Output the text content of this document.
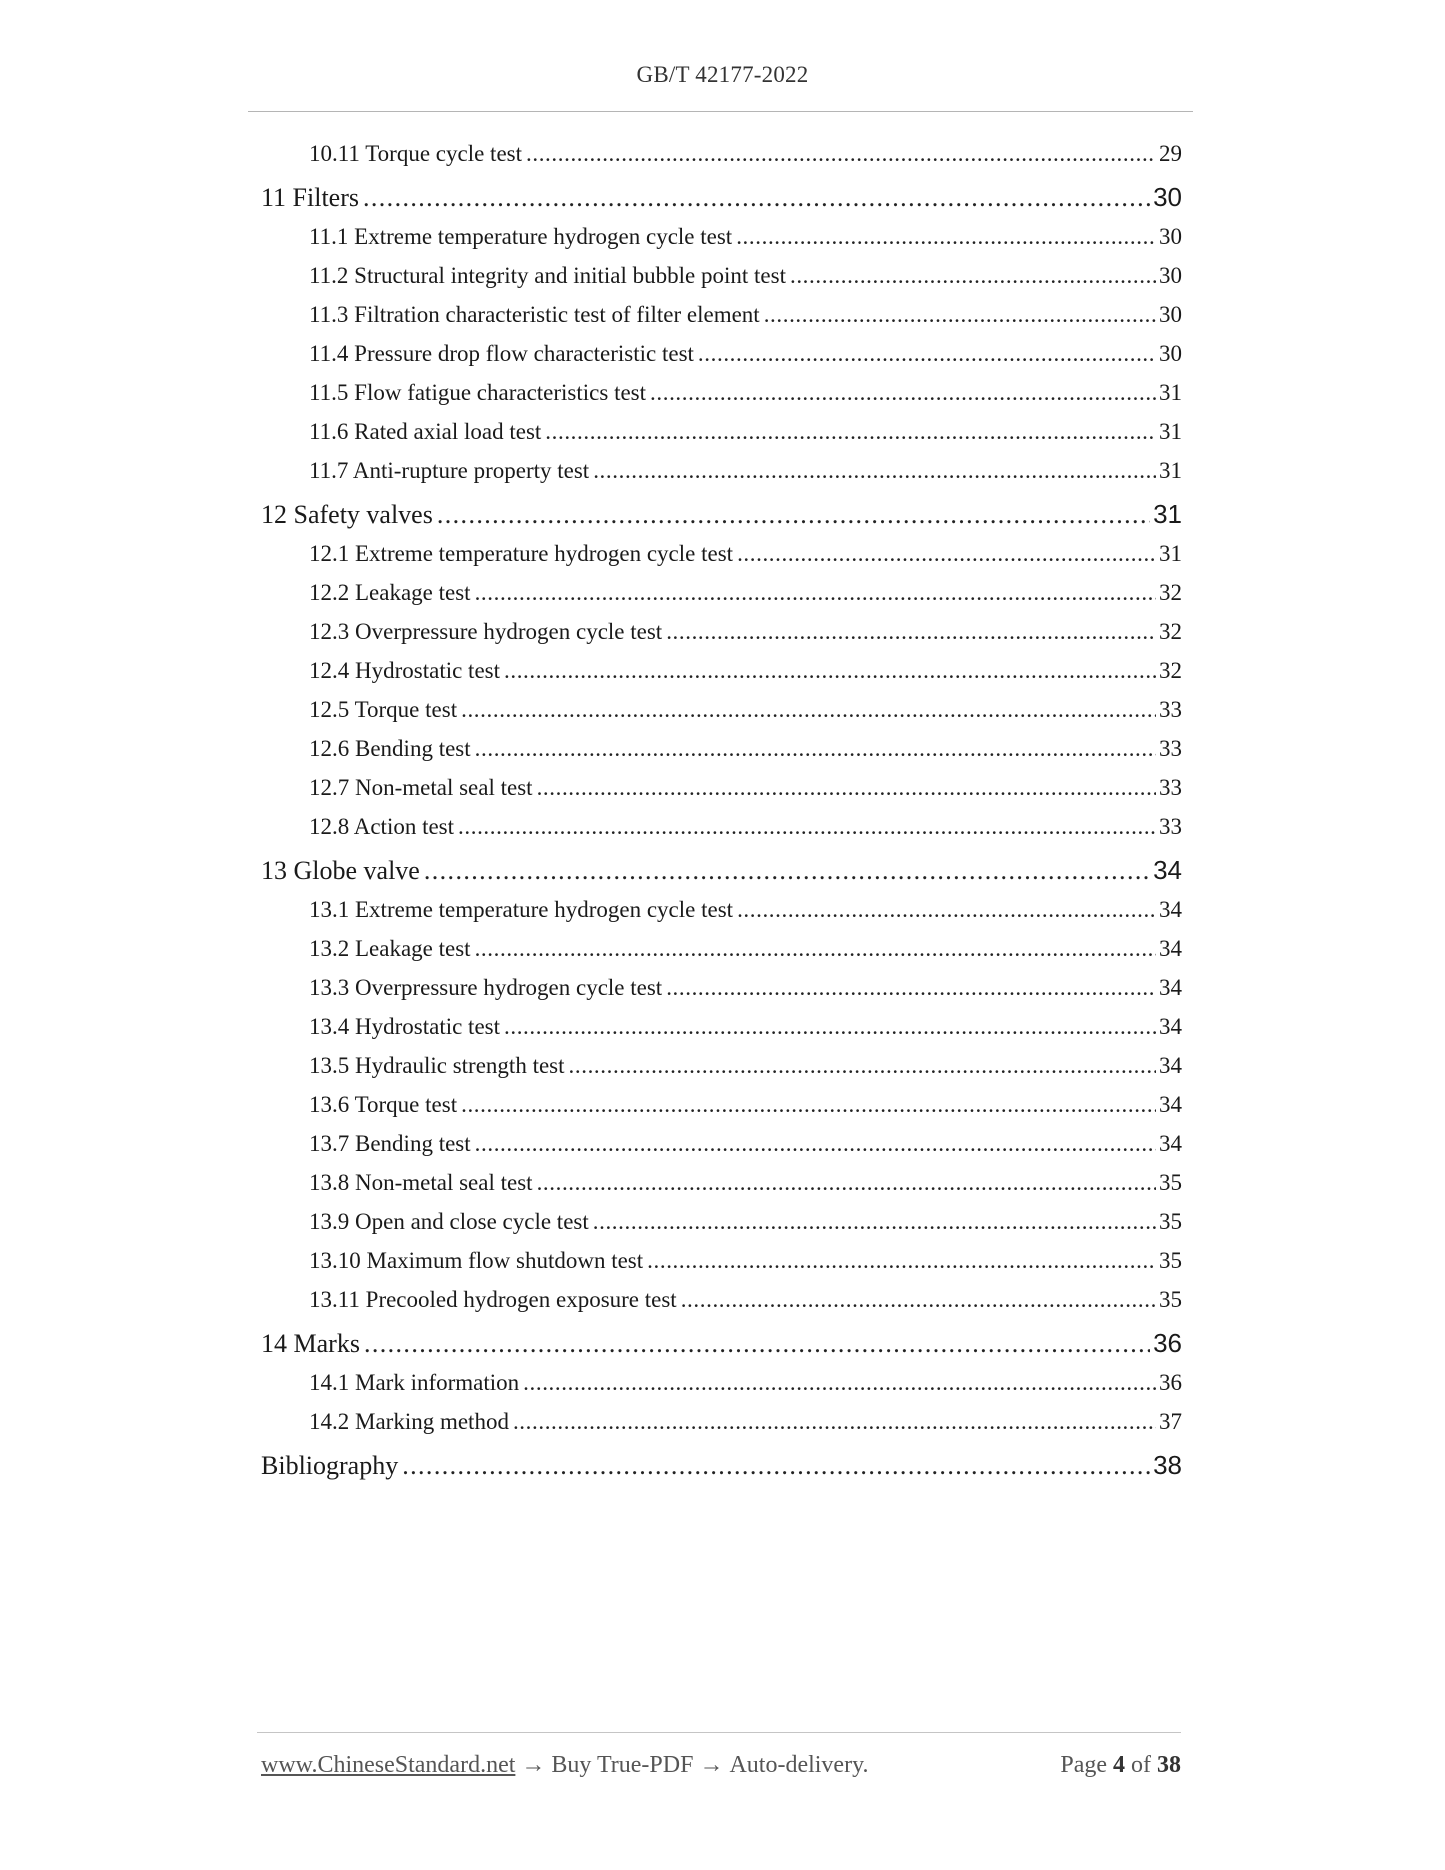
GB/T 42177-2022
10.11 Torque cycle test .....	29
11 Filters .....	30
11.1 Extreme temperature hydrogen cycle test .....	30
11.2 Structural integrity and initial bubble point test .....	30
11.3 Filtration characteristic test of filter element .....	30
11.4 Pressure drop flow characteristic test .....	30
11.5 Flow fatigue characteristics test .....	31
11.6 Rated axial load test .....	31
11.7 Anti-rupture property test .....	31
12 Safety valves .....	31
12.1 Extreme temperature hydrogen cycle test .....	31
12.2 Leakage test .....	32
12.3 Overpressure hydrogen cycle test .....	32
12.4 Hydrostatic test .....	32
12.5 Torque test .....	33
12.6 Bending test .....	33
12.7 Non-metal seal test .....	33
12.8 Action test .....	33
13 Globe valve .....	34
13.1 Extreme temperature hydrogen cycle test .....	34
13.2 Leakage test .....	34
13.3 Overpressure hydrogen cycle test .....	34
13.4 Hydrostatic test .....	34
13.5 Hydraulic strength test .....	34
13.6 Torque test .....	34
13.7 Bending test .....	34
13.8 Non-metal seal test .....	35
13.9 Open and close cycle test .....	35
13.10 Maximum flow shutdown test .....	35
13.11 Precooled hydrogen exposure test .....	35
14 Marks .....	36
14.1 Mark information .....	36
14.2 Marking method .....	37
Bibliography .....	38
www.ChineseStandard.net → Buy True-PDF → Auto-delivery.	Page 4 of 38
